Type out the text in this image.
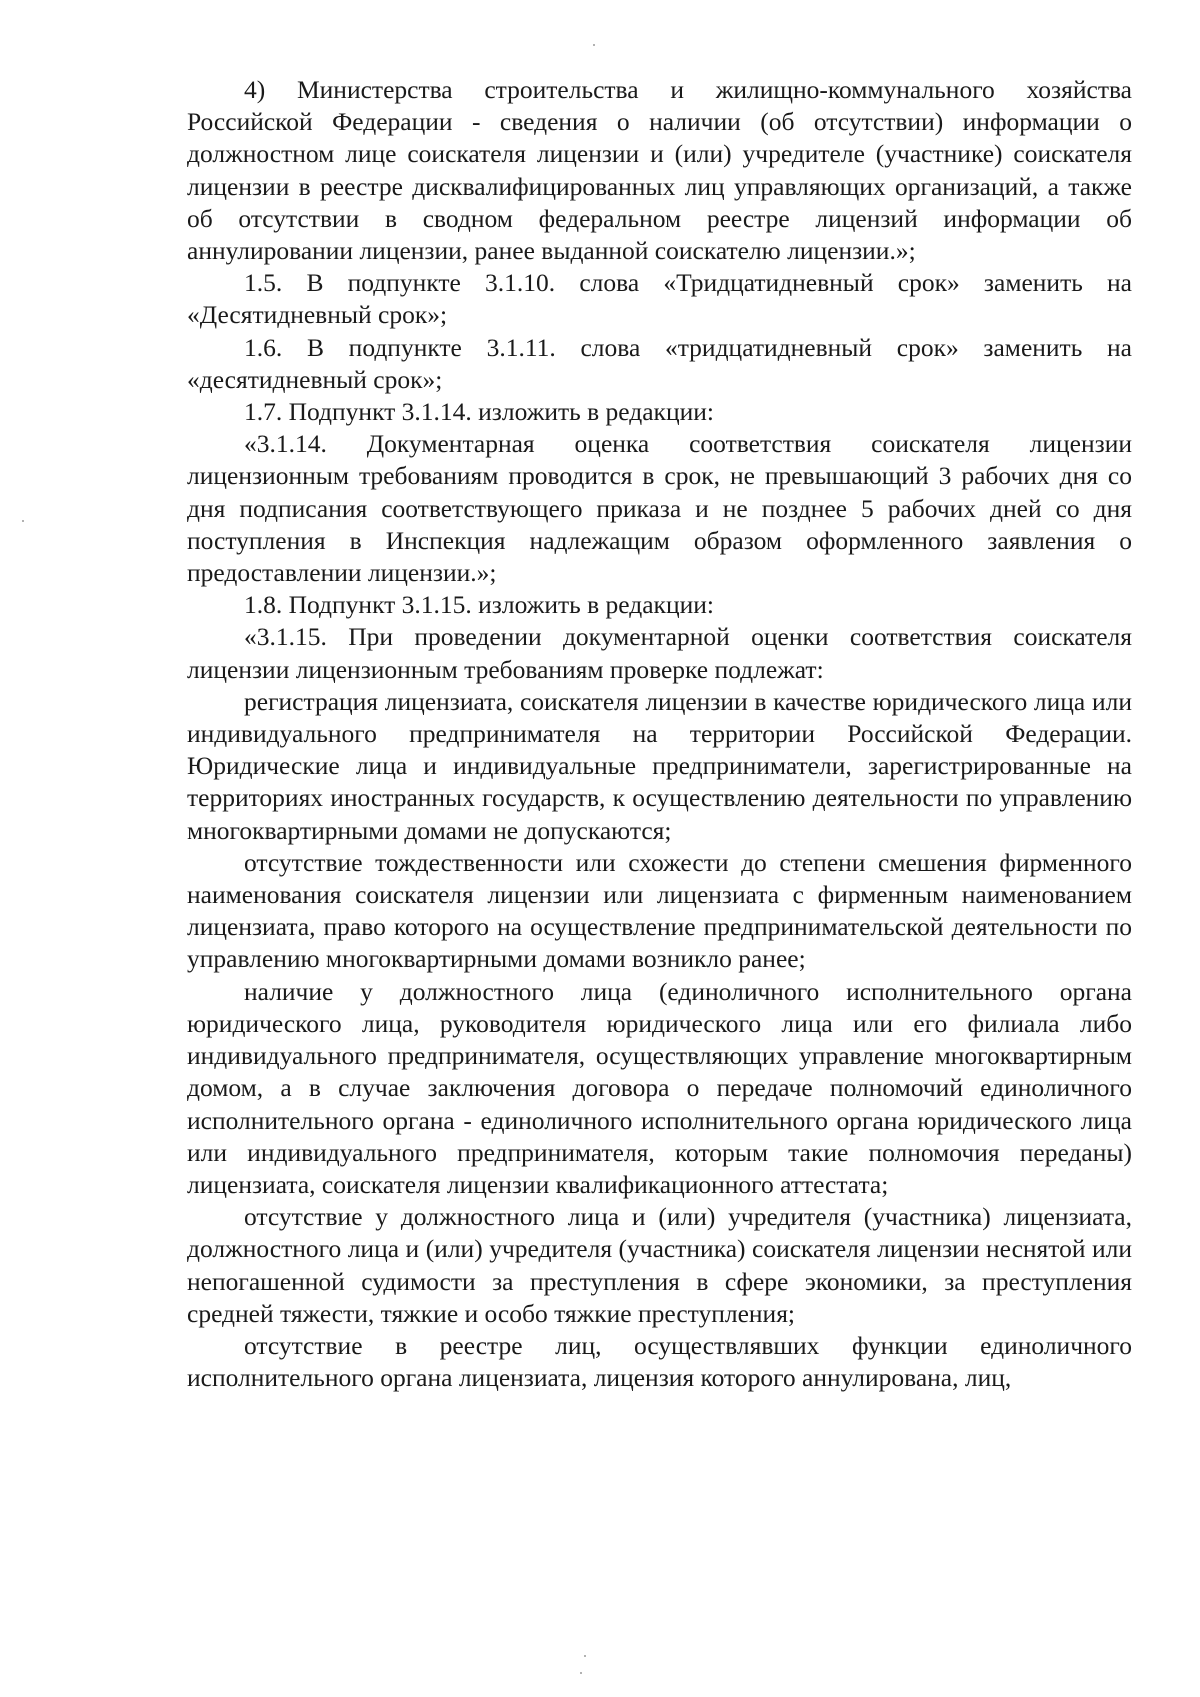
4) Министерства строительства и жилищно-коммунального хозяйства Российской Федерации - сведения о наличии (об отсутствии) информации о должностном лице соискателя лицензии и (или) учредителе (участнике) соискателя лицензии в реестре дисквалифицированных лиц управляющих организаций, а также об отсутствии в сводном федеральном реестре лицензий информации об аннулировании лицензии, ранее выданной соискателю лицензии.»;

1.5. В подпункте 3.1.10. слова «Тридцатидневный срок» заменить на «Десятидневный срок»;

1.6. В подпункте 3.1.11. слова «тридцатидневный срок» заменить на «десятидневный срок»;

1.7. Подпункт 3.1.14. изложить в редакции:

«3.1.14. Документарная оценка соответствия соискателя лицензии лицензионным требованиям проводится в срок, не превышающий 3 рабочих дня со дня подписания соответствующего приказа и не позднее 5 рабочих дней со дня поступления в Инспекция надлежащим образом оформленного заявления о предоставлении лицензии.»;

1.8. Подпункт 3.1.15. изложить в редакции:

«3.1.15. При проведении документарной оценки соответствия соискателя лицензии лицензионным требованиям проверке подлежат:

регистрация лицензиата, соискателя лицензии в качестве юридического лица или индивидуального предпринимателя на территории Российской Федерации. Юридические лица и индивидуальные предприниматели, зарегистрированные на территориях иностранных государств, к осуществлению деятельности по управлению многоквартирными домами не допускаются;

отсутствие тождественности или схожести до степени смешения фирменного наименования соискателя лицензии или лицензиата с фирменным наименованием лицензиата, право которого на осуществление предпринимательской деятельности по управлению многоквартирными домами возникло ранее;

наличие у должностного лица (единоличного исполнительного органа юридического лица, руководителя юридического лица или его филиала либо индивидуального предпринимателя, осуществляющих управление многоквартирным домом, а в случае заключения договора о передаче полномочий единоличного исполнительного органа - единоличного исполнительного органа юридического лица или индивидуального предпринимателя, которым такие полномочия переданы) лицензиата, соискателя лицензии квалификационного аттестата;

отсутствие у должностного лица и (или) учредителя (участника) лицензиата, должностного лица и (или) учредителя (участника) соискателя лицензии неснятой или непогашенной судимости за преступления в сфере экономики, за преступления средней тяжести, тяжкие и особо тяжкие преступления;

отсутствие в реестре лиц, осуществлявших функции единоличного исполнительного органа лицензиата, лицензия которого аннулирована, лиц,
